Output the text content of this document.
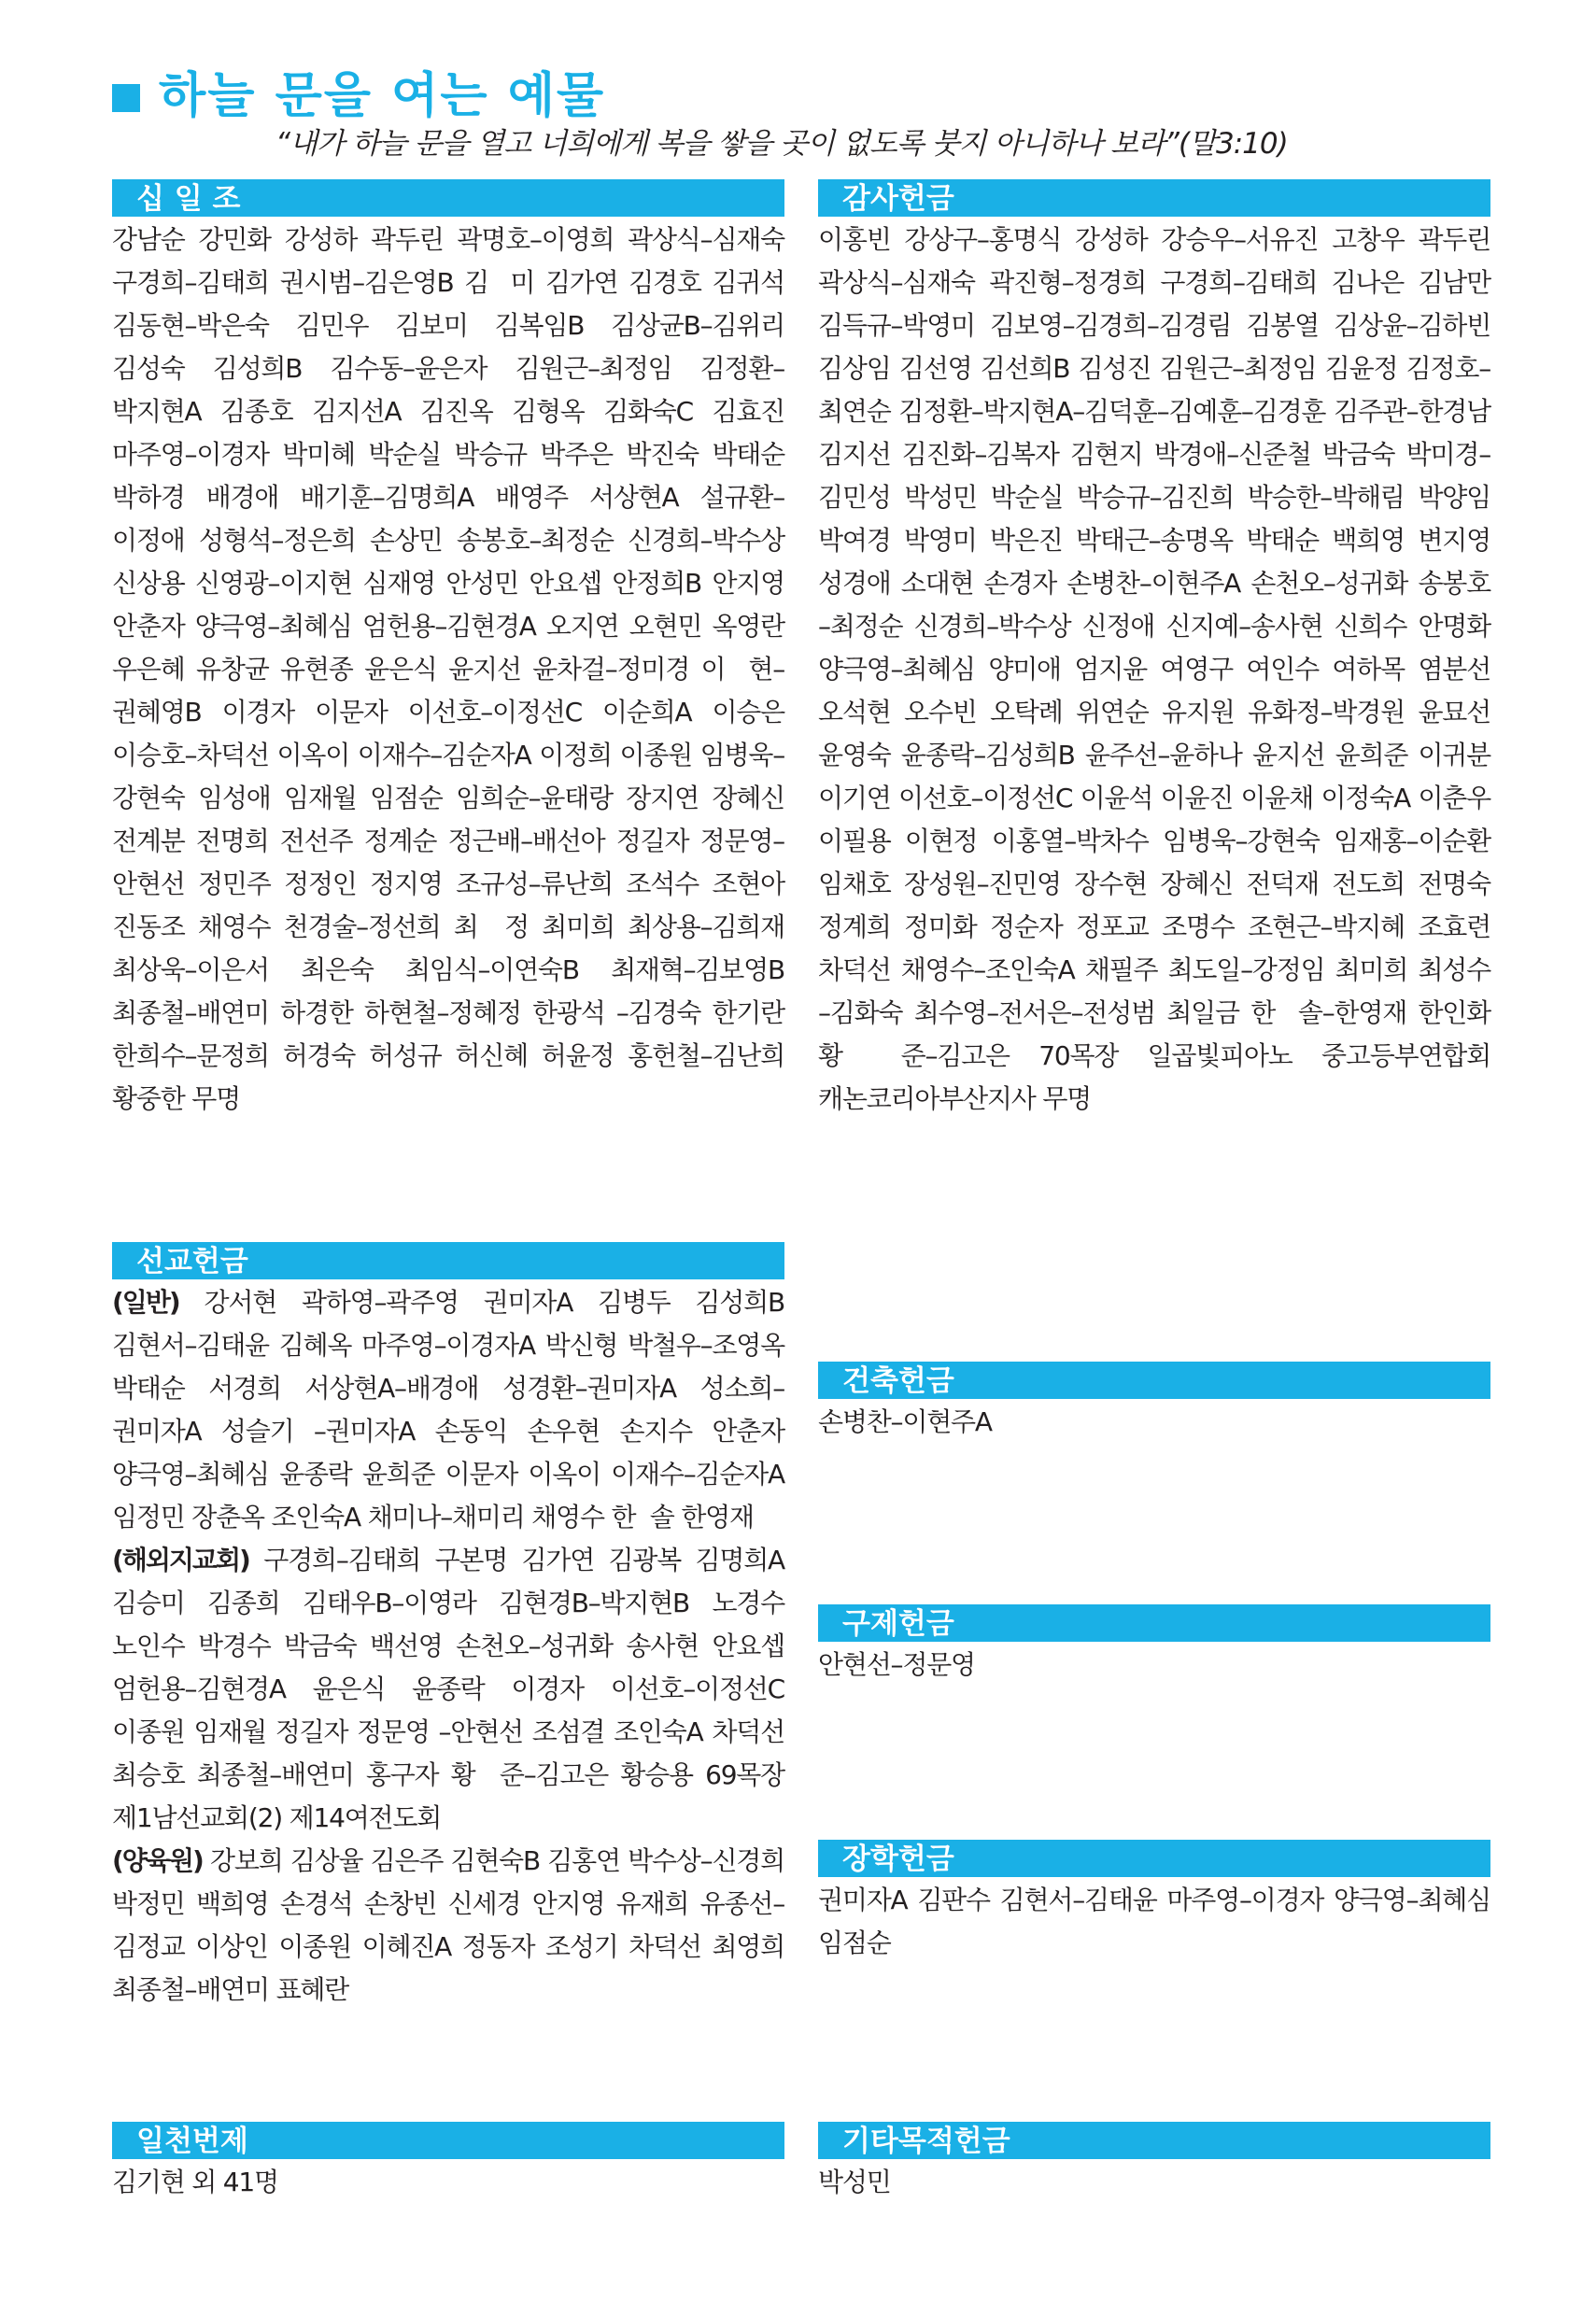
하늘 문을 여는 예물
“내가 하늘 문을 열고 너희에게 복을 쌓을 곳이 없도록 붓지 아니하나 보라”(말3:10)
십 일 조
강남순 강민화 강성하 곽두린 곽명호–이영희 곽상식–심재숙 구경희–김태희 권시범–김은영B 김  미 김가연 김경호 김귀석 김동현–박은숙 김민우 김보미 김복임B 김상균B–김위리 김성숙 김성희B 김수동–윤은자 김원근–최정임 김정환–박지현A 김종호 김지선A 김진옥 김형옥 김화숙C 김효진 마주영–이경자 박미혜 박순실 박승규 박주은 박진숙 박태순 박하경 배경애 배기훈–김명희A 배영주 서상현A 설규환–이정애 성형석–정은희 손상민 송봉호–최정순 신경희–박수상 신상용 신영광–이지현 심재영 안성민 안요셉 안정희B 안지영 안춘자 양극영–최혜심 엄헌용–김현경A 오지연 오현민 옥영란 우은혜 유창균 유현종 윤은식 윤지선 윤차걸–정미경 이  현–권혜영B 이경자 이문자 이선호–이정선C 이순희A 이승은 이승호–차덕선 이옥이 이재수–김순자A 이정희 이종원 임병욱–강현숙 임성애 임재월 임점순 임희순–윤태랑 장지연 장혜신 전계분 전명희 전선주 정계순 정근배–배선아 정길자 정문영–안현선 정민주 정정인 정지영 조규성–류난희 조석수 조현아 진동조 채영수 천경술–정선희 최  정 최미희 최상용–김희재 최상욱–이은서 최은숙 최임식–이연숙B 최재혁–김보영B 최종철–배연미 하경한 하현철–정혜정 한광석 –김경숙 한기란 한희수–문정희 허경숙 허성규 허신혜 허윤정 홍헌철–김난희 황중한 무명
감사헌금
이홍빈 강상구–홍명식 강성하 강승우–서유진 고창우 곽두린 곽상식–심재숙 곽진형–정경희 구경희–김태희 김나은 김남만 김득규–박영미 김보영–김경희–김경림 김봉열 김상윤–김하빈 김상임 김선영 김선희B 김성진 김원근–최정임 김윤정 김정호–최연순 김정환–박지현A–김덕훈–김예훈–김경훈 김주관–한경남 김지선 김진화–김복자 김현지 박경애–신준철 박금숙 박미경–김민성 박성민 박순실 박승규–김진희 박승한–박해림 박양임 박여경 박영미 박은진 박태근–송명옥 박태순 백희영 변지영 성경애 소대현 손경자 손병찬–이현주A 손천오–성귀화 송봉호 –최정순 신경희–박수상 신정애 신지예–송사현 신희수 안명화 양극영–최혜심 양미애 엄지윤 여영구 여인수 여하목 염분선 오석현 오수빈 오탁례 위연순 유지원 유화정–박경원 윤묘선 윤영숙 윤종락–김성희B 윤주선–윤하나 윤지선 윤희준 이귀분 이기연 이선호–이정선C 이윤석 이윤진 이윤채 이정숙A 이춘우 이필용 이현정 이홍열–박차수 임병욱–강현숙 임재홍–이순환 임채호 장성원–진민영 장수현 장혜신 전덕재 전도희 전명숙 정계희 정미화 정순자 정포교 조명수 조현근–박지혜 조효련 차덕선 채영수–조인숙A 채필주 최도일–강정임 최미희 최성수 –김화숙 최수영–전서은–전성범 최일금 한  솔–한영재 한인화 황    준–김고은  70목장  일곱빛피아노  중고등부연합회 캐논코리아부산지사 무명
선교헌금
(일반) 강서현 곽하영–곽주영 권미자A 김병두 김성희B 김현서–김태윤 김혜옥 마주영–이경자A 박신형 박철우–조영옥 박태순 서경희 서상현A–배경애 성경환–권미자A 성소희–권미자A 성슬기 –권미자A 손동익 손우현 손지수 안춘자 양극영–최혜심 윤종락 윤희준 이문자 이옥이 이재수–김순자A 임정민 장춘옥 조인숙A 채미나–채미리 채영수 한  솔 한영재
(해외지교회) 구경희–김태희 구본명 김가연 김광복 김명희A 김승미 김종희 김태우B–이영라 김현경B–박지현B 노경수 노인수 박경수 박금숙 백선영 손천오–성귀화 송사현 안요셉 엄헌용–김현경A 윤은식 윤종락 이경자 이선호–이정선C 이종원 임재월 정길자 정문영 –안현선 조섬결 조인숙A 차덕선 최승호 최종철–배연미 홍구자 황  준–김고은 황승용 69목장 제1남선교회(2) 제14여전도회
(양육원) 강보희 김상율 김은주 김현숙B 김홍연 박수상–신경희 박정민 백희영 손경석 손창빈 신세경 안지영 유재희 유종선–김정교 이상인 이종원 이혜진A 정동자 조성기 차덕선 최영희 최종철–배연미 표혜란
건축헌금
손병찬–이현주A
구제헌금
안현선–정문영
장학헌금
권미자A 김판수 김현서–김태윤 마주영–이경자 양극영–최혜심 임점순
일천번제
김기현 외 41명
기타목적헌금
박성민
